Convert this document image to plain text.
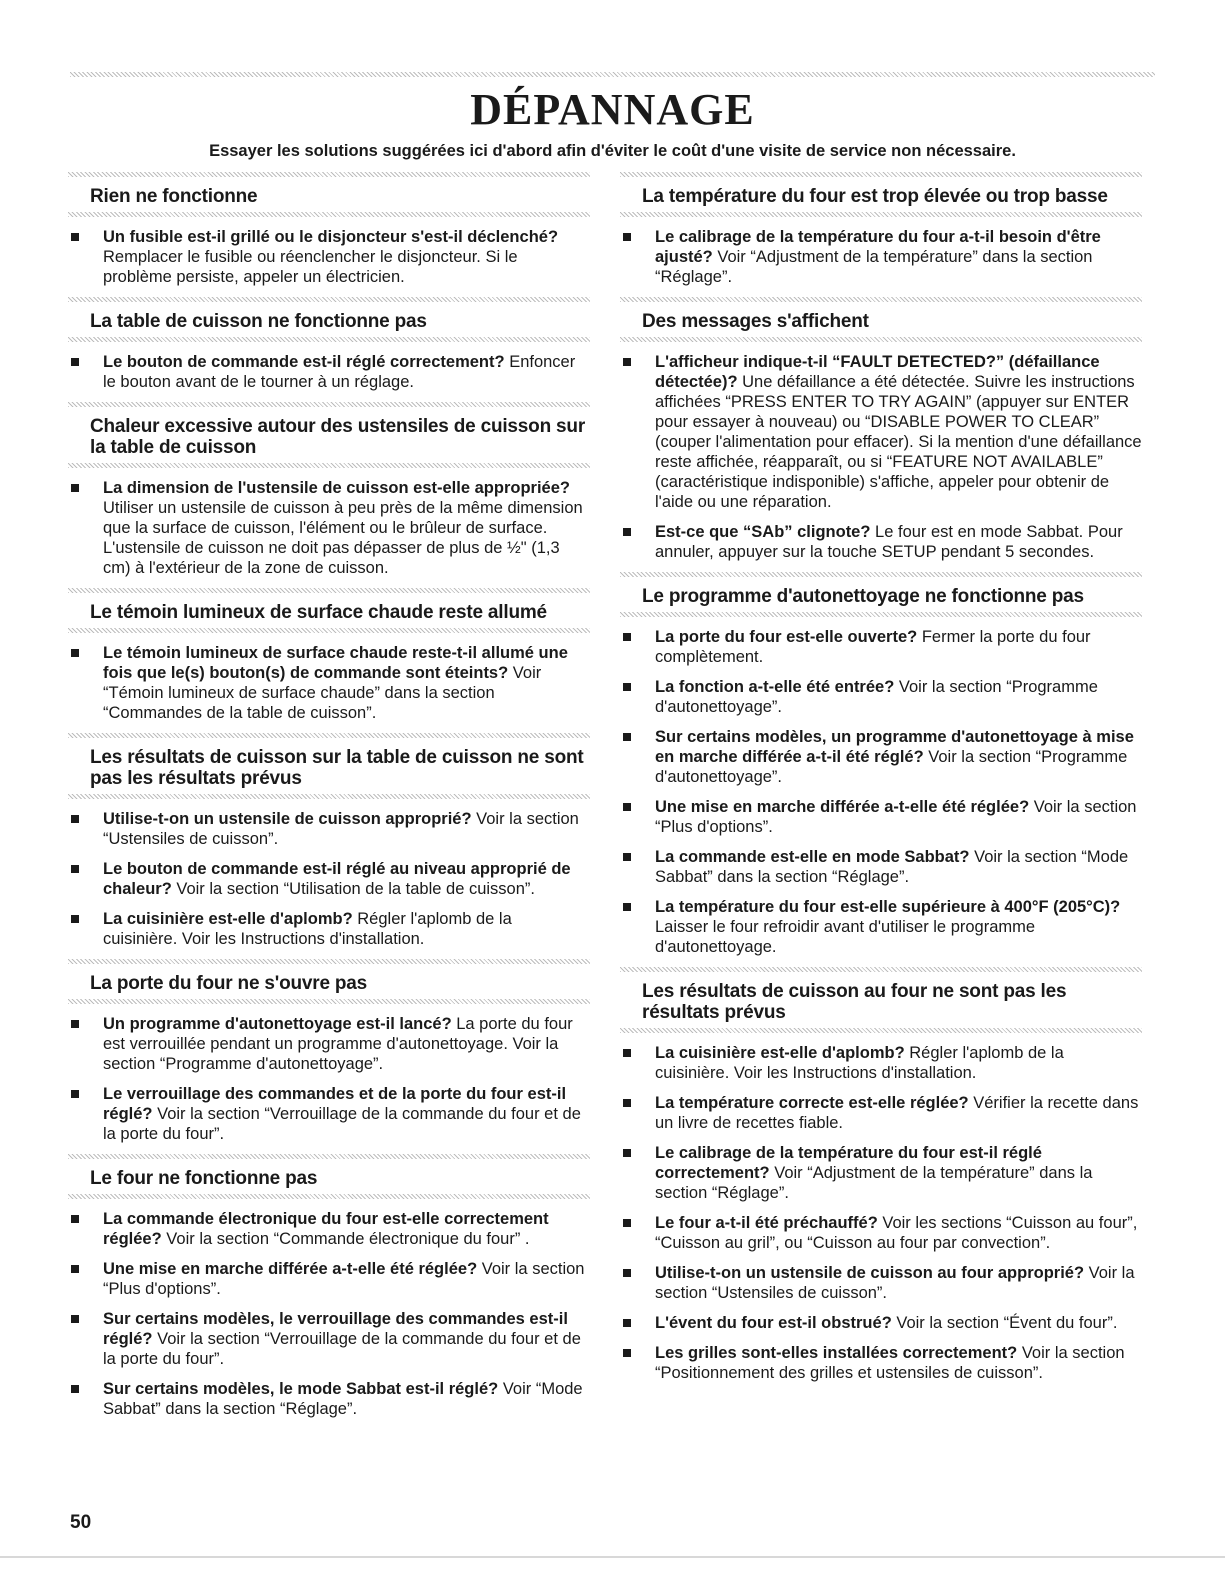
DÉPANNAGE

Essayer les solutions suggérées ici d'abord afin d'éviter le coût d'une visite de service non nécessaire.

Rien ne fonctionne
Un fusible est-il grillé ou le disjoncteur s'est-il déclenché? Remplacer le fusible ou réenclencher le disjoncteur. Si le problème persiste, appeler un électricien.
La table de cuisson ne fonctionne pas
Le bouton de commande est-il réglé correctement? Enfoncer le bouton avant de le tourner à un réglage.
Chaleur excessive autour des ustensiles de cuisson sur la table de cuisson
La dimension de l'ustensile de cuisson est-elle appropriée? Utiliser un ustensile de cuisson à peu près de la même dimension que la surface de cuisson, l'élément ou le brûleur de surface. L'ustensile de cuisson ne doit pas dépasser de plus de ½" (1,3 cm) à l'extérieur de la zone de cuisson.
Le témoin lumineux de surface chaude reste allumé
Le témoin lumineux de surface chaude reste-t-il allumé une fois que le(s) bouton(s) de commande sont éteints? Voir “Témoin lumineux de surface chaude” dans la section “Commandes de la table de cuisson”.
Les résultats de cuisson sur la table de cuisson ne sont pas les résultats prévus
Utilise-t-on un ustensile de cuisson approprié? Voir la section “Ustensiles de cuisson”.
Le bouton de commande est-il réglé au niveau approprié de chaleur? Voir la section “Utilisation de la table de cuisson”.
La cuisinière est-elle d'aplomb? Régler l'aplomb de la cuisinière. Voir les Instructions d'installation.
La porte du four ne s'ouvre pas
Un programme d'autonettoyage est-il lancé? La porte du four est verrouillée pendant un programme d'autonettoyage. Voir la section “Programme d'autonettoyage”.
Le verrouillage des commandes et de la porte du four est-il réglé? Voir la section “Verrouillage de la commande du four et de la porte du four”.
Le four ne fonctionne pas
La commande électronique du four est-elle correctement réglée? Voir la section “Commande électronique du four” .
Une mise en marche différée a-t-elle été réglée? Voir la section “Plus d'options”.
Sur certains modèles, le verrouillage des commandes est-il réglé? Voir la section “Verrouillage de la commande du four et de la porte du four”.
Sur certains modèles, le mode Sabbat est-il réglé? Voir “Mode Sabbat” dans la section “Réglage”.
La température du four est trop élevée ou trop basse
Le calibrage de la température du four a-t-il besoin d'être ajusté? Voir “Adjustment de la température” dans la section “Réglage”.
Des messages s'affichent
L'afficheur indique-t-il “FAULT DETECTED?” (défaillance détectée)? Une défaillance a été détectée. Suivre les instructions affichées “PRESS ENTER TO TRY AGAIN” (appuyer sur ENTER pour essayer à nouveau) ou “DISABLE POWER TO CLEAR” (couper l'alimentation pour effacer). Si la mention d'une défaillance reste affichée, réapparaît, ou si “FEATURE NOT AVAILABLE” (caractéristique indisponible) s'affiche, appeler pour obtenir de l'aide ou une réparation.
Est-ce que “SAb” clignote? Le four est en mode Sabbat. Pour annuler, appuyer sur la touche SETUP pendant 5 secondes.
Le programme d'autonettoyage ne fonctionne pas
La porte du four est-elle ouverte? Fermer la porte du four complètement.
La fonction a-t-elle été entrée? Voir la section “Programme d'autonettoyage”.
Sur certains modèles, un programme d'autonettoyage à mise en marche différée a-t-il été réglé? Voir la section “Programme d'autonettoyage”.
Une mise en marche différée a-t-elle été réglée? Voir la section “Plus d'options”.
La commande est-elle en mode Sabbat? Voir la section “Mode Sabbat” dans la section “Réglage”.
La température du four est-elle supérieure à 400°F (205°C)? Laisser le four refroidir avant d'utiliser le programme d'autonettoyage.
Les résultats de cuisson au four ne sont pas les résultats prévus
La cuisinière est-elle d'aplomb? Régler l'aplomb de la cuisinière. Voir les Instructions d'installation.
La température correcte est-elle réglée? Vérifier la recette dans un livre de recettes fiable.
Le calibrage de la température du four est-il réglé correctement? Voir “Adjustment de la température” dans la section “Réglage”.
Le four a-t-il été préchauffé? Voir les sections “Cuisson au four”, “Cuisson au gril”, ou “Cuisson au four par convection”.
Utilise-t-on un ustensile de cuisson au four approprié? Voir la section “Ustensiles de cuisson”.
L'évent du four est-il obstrué? Voir la section “Évent du four”.
Les grilles sont-elles installées correctement? Voir la section “Positionnement des grilles et ustensiles de cuisson”.
50
